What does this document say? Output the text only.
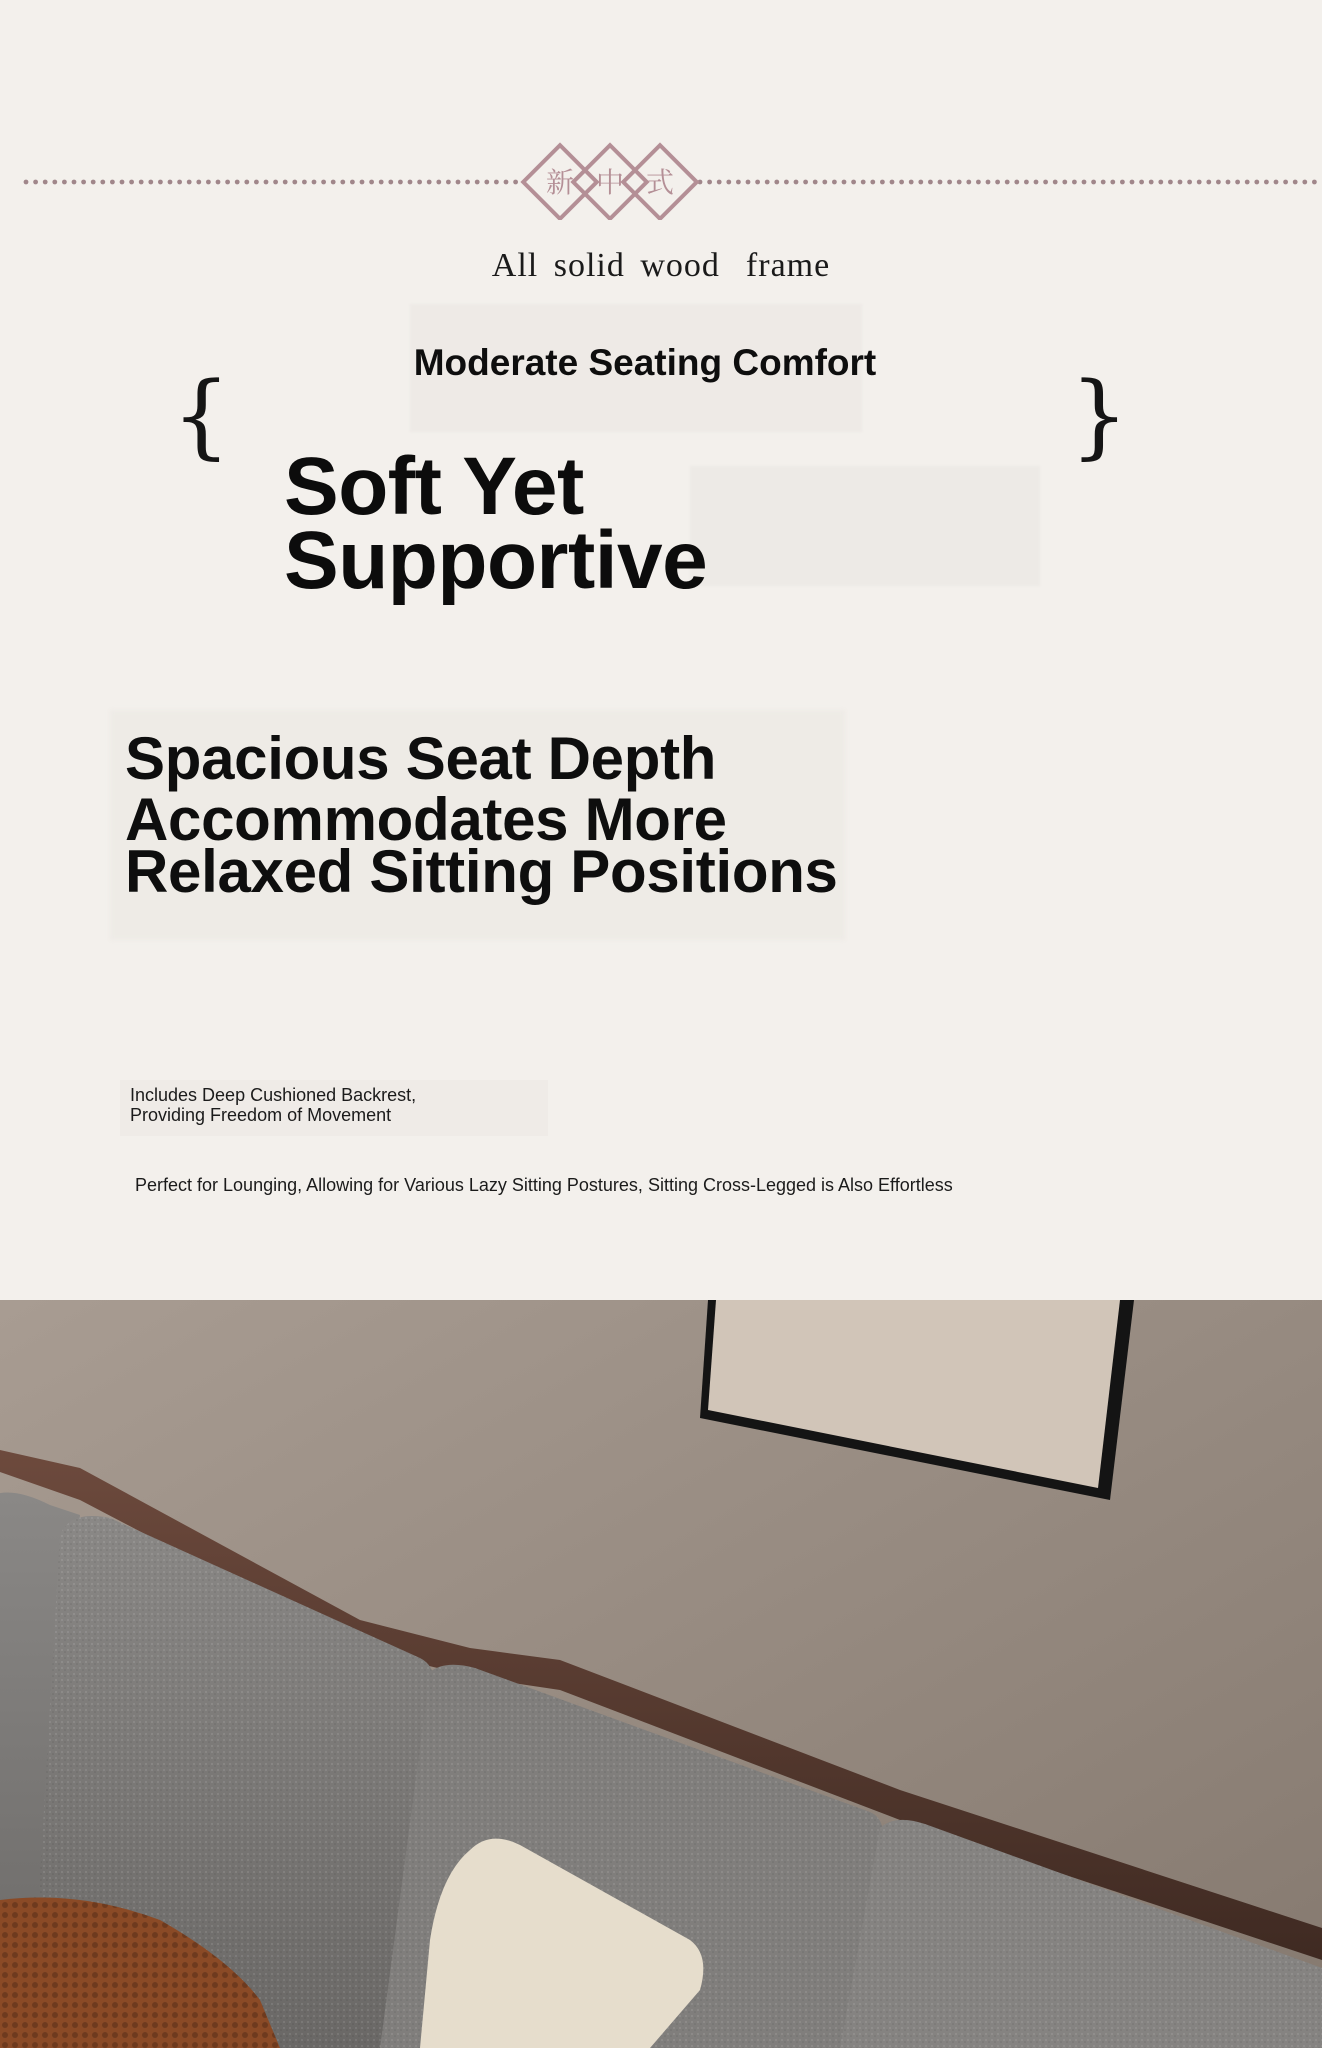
新 中 式
All solid wood frame
Moderate Seating Comfort
{	}
Soft Yet
Supportive
Spacious Seat Depth
Accommodates More
Relaxed Sitting Positions
Includes Deep Cushioned Backrest,
Providing Freedom of Movement
Perfect for Lounging, Allowing for Various Lazy Sitting Postures, Sitting Cross-Legged is Also Effortless
